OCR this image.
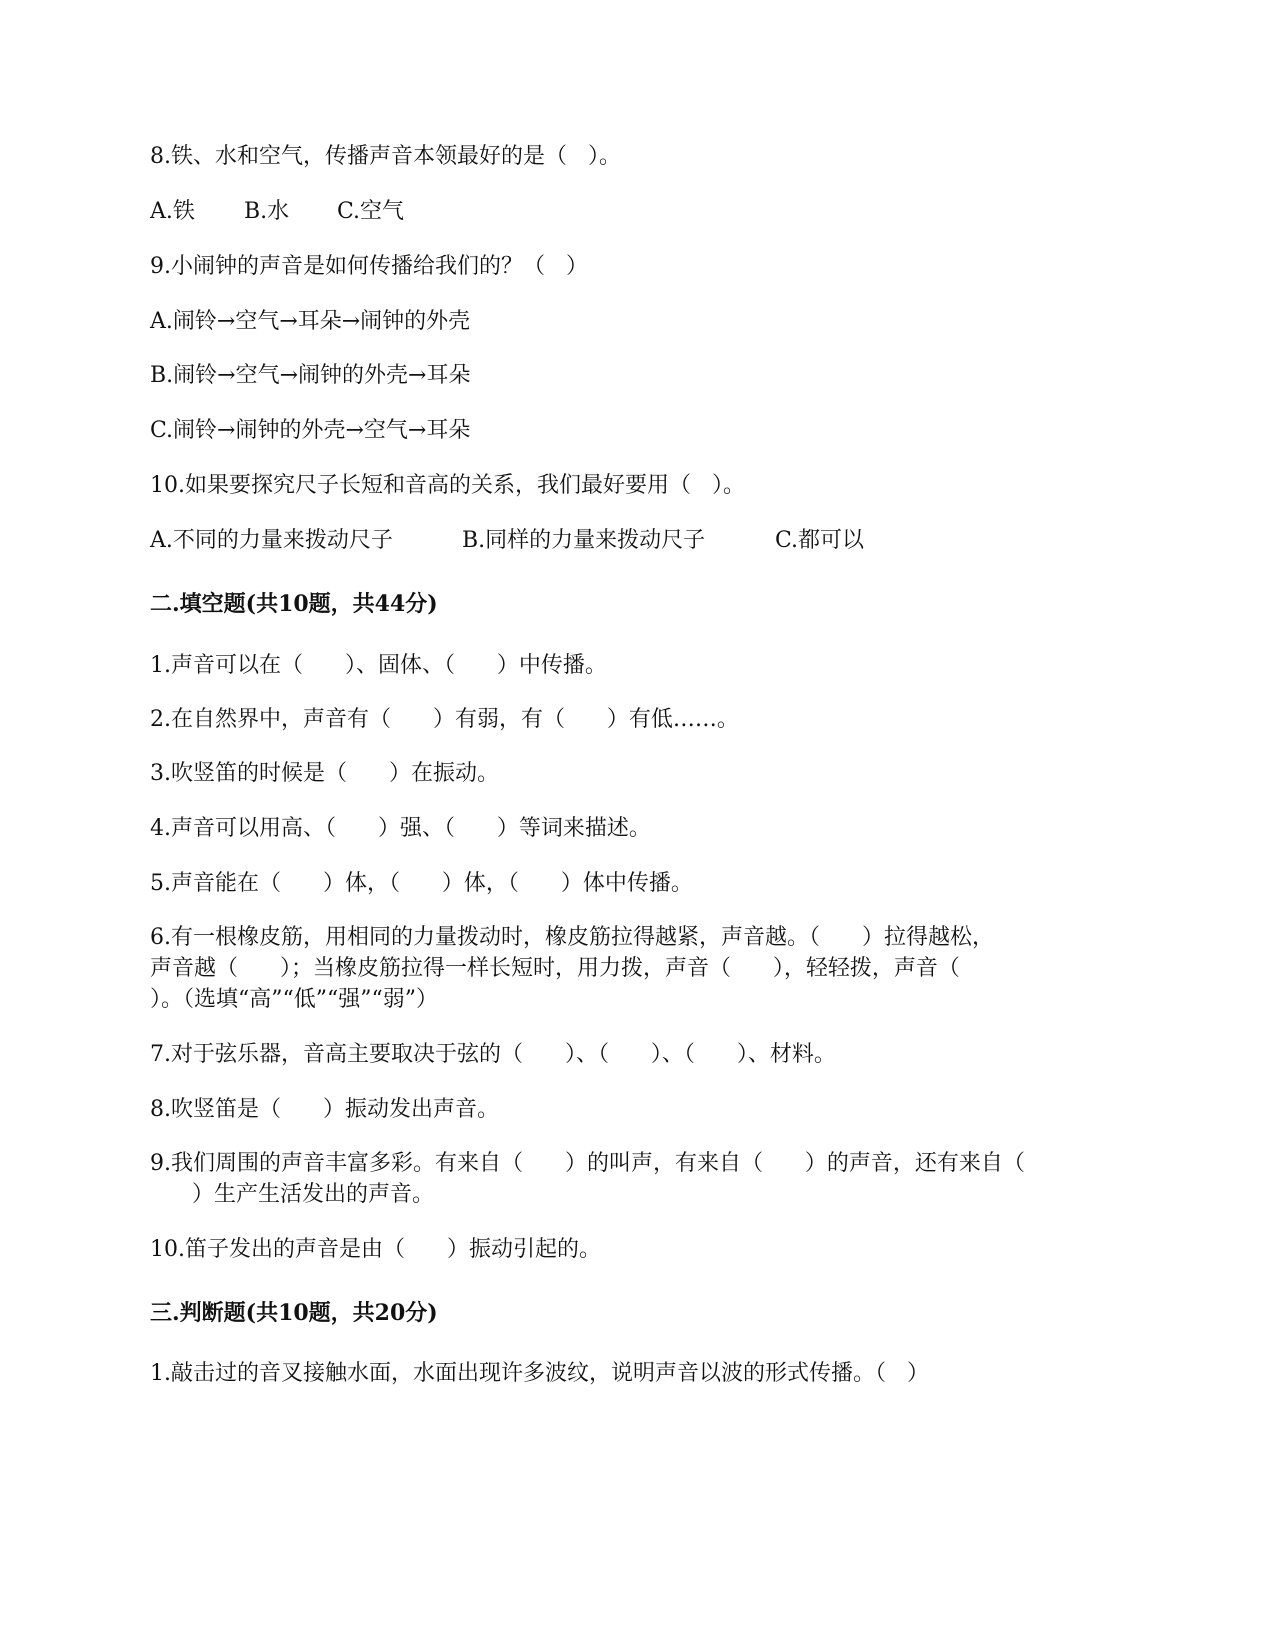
8.铁、水和空气，传播声音本领最好的是（   ）。
A.铁	B.水	C.空气
9.小闹钟的声音是如何传播给我们的？（   ）
A.闹铃→空气→耳朵→闹钟的外壳
B.闹铃→空气→闹钟的外壳→耳朵
C.闹铃→闹钟的外壳→空气→耳朵
10.如果要探究尺子长短和音高的关系，我们最好要用（   ）。
A.不同的力量来拨动尺子	B.同样的力量来拨动尺子	C.都可以
二.填空题(共10题，共44分)
1.声音可以在（      ）、固体、（      ）中传播。
2.在自然界中，声音有（      ）有弱，有（      ）有低……。
3.吹竖笛的时候是（      ）在振动。
4.声音可以用高、（      ）强、（      ）等词来描述。
5.声音能在（      ）体，（      ）体，（      ）体中传播。
6.有一根橡皮筋，用相同的力量拨动时，橡皮筋拉得越紧，声音越。（      ）拉得越松，
声音越（      ）；当橡皮筋拉得一样长短时，用力拨，声音（      ），轻轻拨，声音（
）。（选填“高”“低”“强”“弱”）
7.对于弦乐器，音高主要取决于弦的（      ）、（      ）、（      ）、材料。
8.吹竖笛是（      ）振动发出声音。
9.我们周围的声音丰富多彩。有来自（      ）的叫声，有来自（      ）的声音，还有来自（
）生产生活发出的声音。
10.笛子发出的声音是由（      ）振动引起的。
三.判断题(共10题，共20分)
1.敲击过的音叉接触水面，水面出现许多波纹，说明声音以波的形式传播。（   ）
